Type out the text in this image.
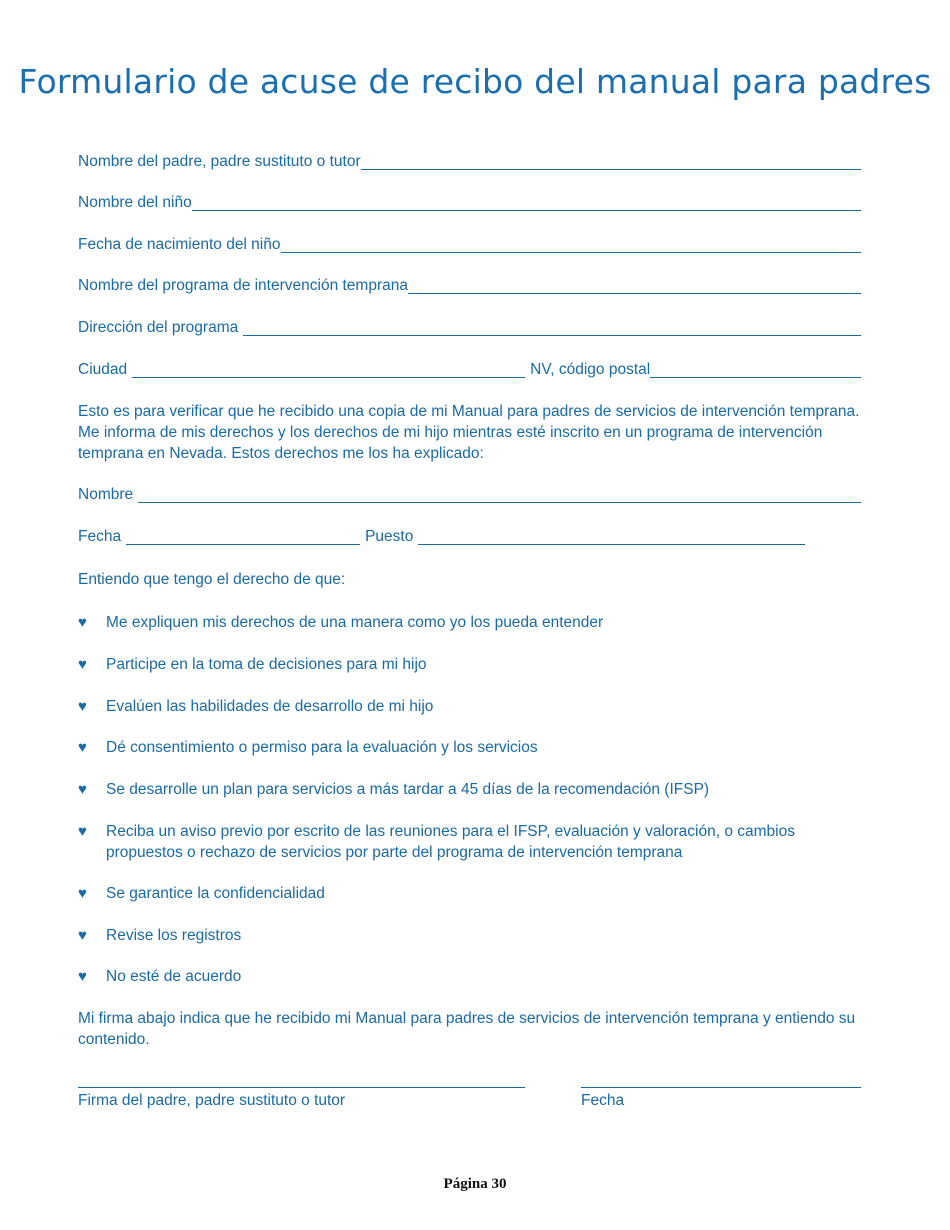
Formulario de acuse de recibo del manual para padres
Nombre del padre, padre sustituto o tutor
Nombre del niño
Fecha de nacimiento del niño
Nombre del programa de intervención temprana
Dirección del programa
Ciudad	NV, código postal
Esto es para verificar que he recibido una copia de mi Manual para padres de servicios de intervención temprana. Me informa de mis derechos y los derechos de mi hijo mientras esté inscrito en un programa de intervención temprana en Nevada. Estos derechos me los ha explicado:
Nombre
Fecha	Puesto
Entiendo que tengo el derecho de que:
♥	Me expliquen mis derechos de una manera como yo los pueda entender
♥	Participe en la toma de decisiones para mi hijo
♥	Evalúen las habilidades de desarrollo de mi hijo
♥	Dé consentimiento o permiso para la evaluación y los servicios
♥	Se desarrolle un plan para servicios a más tardar a 45 días de la recomendación (IFSP)
♥	Reciba un aviso previo por escrito de las reuniones para el IFSP, evaluación y valoración, o cambios propuestos o rechazo de servicios por parte del programa de intervención temprana
♥	Se garantice la confidencialidad
♥	Revise los registros
♥	No esté de acuerdo
Mi firma abajo indica que he recibido mi Manual para padres de servicios de intervención temprana y entiendo su contenido.
Firma del padre, padre sustituto o tutor	Fecha
Página 30
